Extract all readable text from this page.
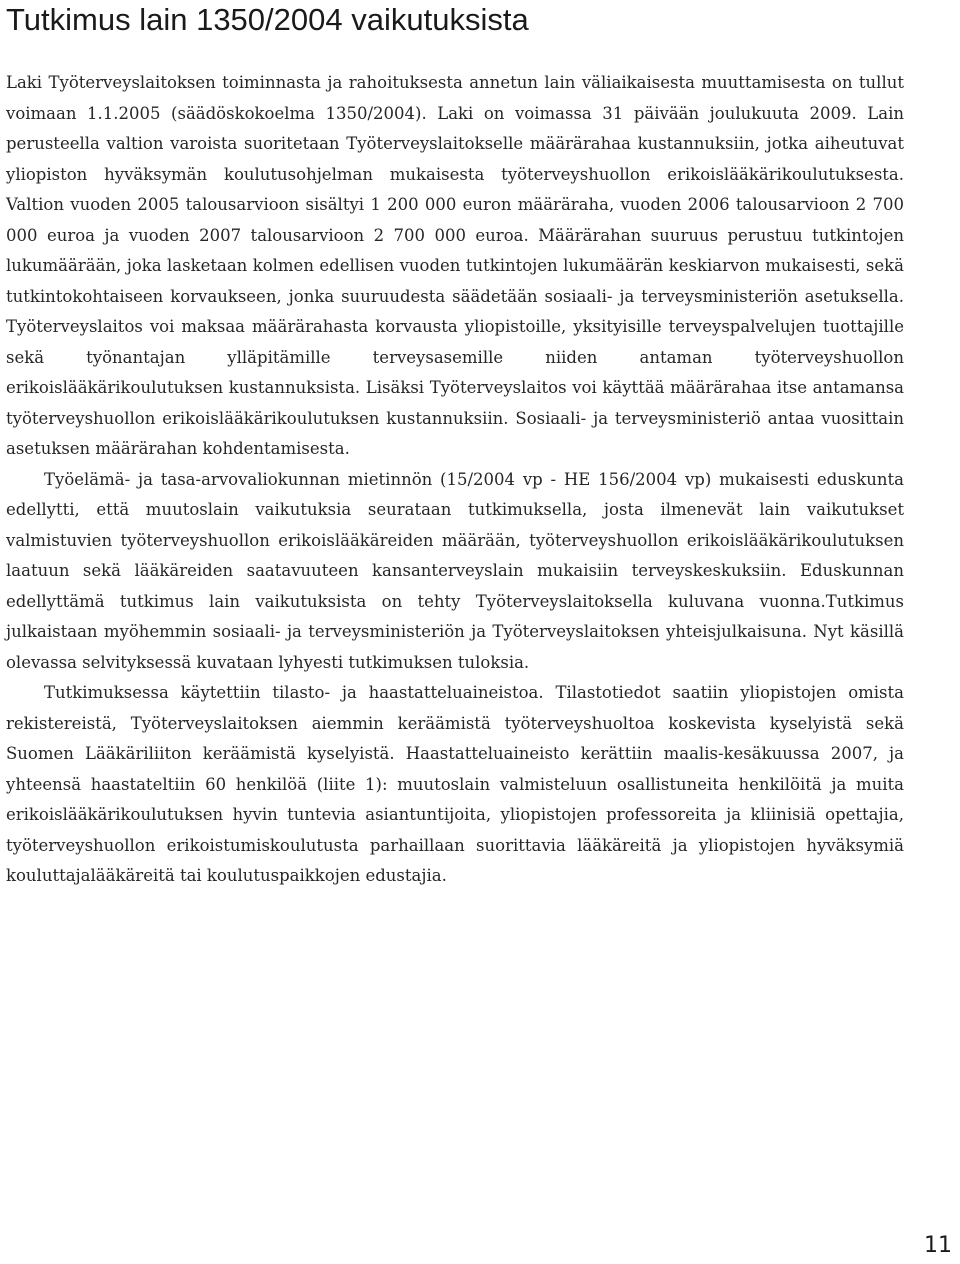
Tutkimus lain 1350/2004 vaikutuksista

Laki Työterveyslaitoksen toiminnasta ja rahoituksesta annetun lain väliaikaisesta muuttamisesta on tullut voimaan 1.1.2005 (säädöskokoelma 1350/2004). Laki on voimassa 31 päivään joulukuuta 2009. Lain perusteella valtion varoista suoritetaan Työterveyslaitokselle määrärahaa kustannuksiin, jotka aiheutuvat yliopiston hyväksymän koulutusohjelman mukaisesta työterveyshuollon erikoislääkärikoulutuksesta. Valtion vuoden 2005 talousarvioon sisältyi 1 200 000 euron määräraha, vuoden 2006 talousarvioon 2 700 000 euroa ja vuoden 2007 talousarvioon 2 700 000 euroa. Määrärahan suuruus perustuu tutkintojen lukumäärään, joka lasketaan kolmen edellisen vuoden tutkintojen lukumäärän keskiarvon mukaisesti, sekä tutkintokohtaiseen korvaukseen, jonka suuruudesta säädetään sosiaali- ja terveysministeriön asetuksella. Työterveyslaitos voi maksaa määrärahasta korvausta yliopistoille, yksityisille terveyspalvelujen tuottajille sekä työnantajan ylläpitämille terveysasemille niiden antaman työterveyshuollon erikoislääkärikoulutuksen kustannuksista. Lisäksi Työterveyslaitos voi käyttää määrärahaa itse antamansa työterveyshuollon erikoislääkärikoulutuksen kustannuksiin. Sosiaali- ja terveysministeriö antaa vuosittain asetuksen määrärahan kohdentamisesta.

Työelämä- ja tasa-arvovaliokunnan mietinnön (15/2004 vp - HE 156/2004 vp) mukaisesti eduskunta edellytti, että muutoslain vaikutuksia seurataan tutkimuksella, josta ilmenevät lain vaikutukset valmistuvien työterveyshuollon erikoislääkäreiden määrään, työterveyshuollon erikoislääkärikoulutuksen laatuun sekä lääkäreiden saatavuuteen kansanterveyslain mukaisiin terveyskeskuksiin. Eduskunnan edellyttämä tutkimus lain vaikutuksista on tehty Työterveyslaitoksella kuluvana vuonna.Tutkimus julkaistaan myöhemmin sosiaali- ja terveysministeriön ja Työterveyslaitoksen yhteisjulkaisuna. Nyt käsillä olevassa selvityksessä kuvataan lyhyesti tutkimuksen tuloksia.

Tutkimuksessa käytettiin tilasto- ja haastatteluaineistoa. Tilastotiedot saatiin yliopistojen omista rekistereistä, Työterveyslaitoksen aiemmin keräämistä työterveyshuoltoa koskevista kyselyistä sekä Suomen Lääkäriliiton keräämistä kyselyistä. Haastatteluaineisto kerättiin maalis-kesäkuussa 2007, ja yhteensä haastateltiin 60 henkilöä (liite 1): muutoslain valmisteluun osallistuneita henkilöitä ja muita erikoislääkärikoulutuksen hyvin tuntevia asiantuntijoita, yliopistojen professoreita ja kliinisiä opettajia, työterveyshuollon erikoistumiskoulutusta parhaillaan suorittavia lääkäreitä ja yliopistojen hyväksymiä kouluttajalääkäreitä tai koulutuspaikkojen edustajia.

11
